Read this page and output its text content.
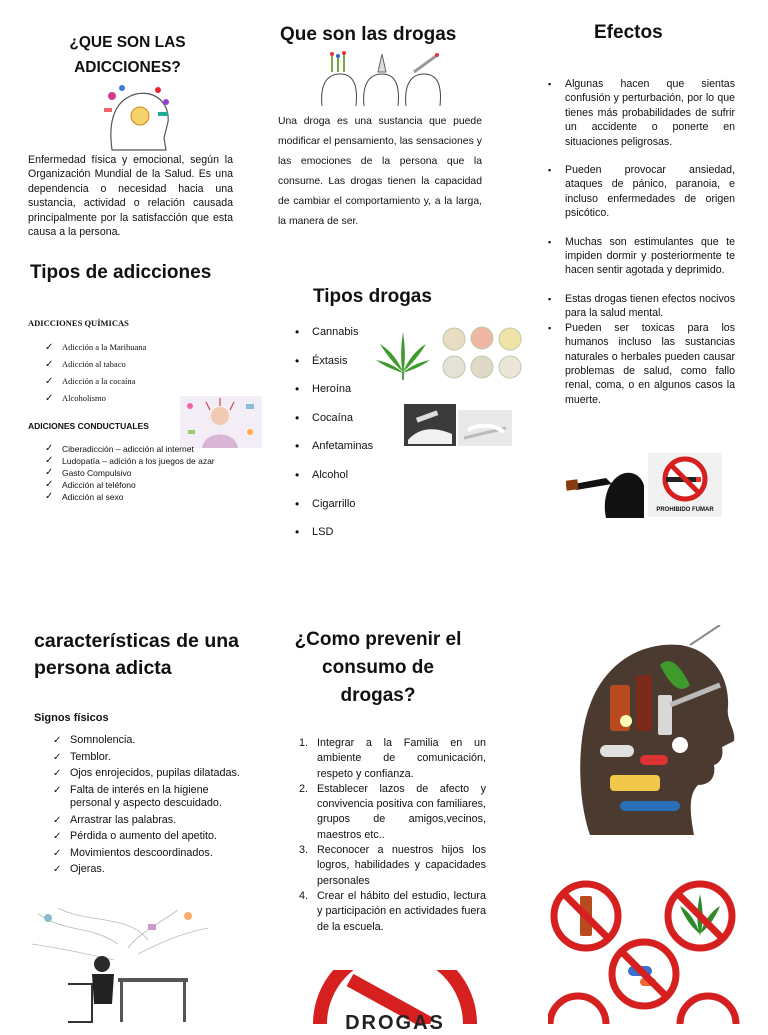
¿QUE SON LAS
ADICCIONES?
Enfermedad física y emocional, según la Organización Mundial de la Salud. Es una dependencia o necesidad hacia una sustancia, actividad o relación causada principalmente por la satisfacción que esta causa a la persona.
Tipos de adicciones
ADICCIONES QUÍMICAS
✓ Adicción a la Marihuana
✓ Adicción al tabaco
✓ Adicción a la cocaína
✓ Alcoholismo
ADICIONES CONDUCTUALES
✓ Ciberadicción – adicción al internet
✓ Ludopatía – adición a los juegos de azar
✓ Gasto Compulsivo
✓ Adicción al teléfono
✓ Adicción al sexo
Que son las drogas
Una droga es una sustancia que puede modificar el pensamiento, las sensaciones y las emociones de la persona que la consume. Las drogas tienen la capacidad de cambiar el comportamiento y, a la larga, la manera de ser.
Tipos drogas
• Cannabis
• Éxtasis
• Heroína
• Cocaína
• Anfetaminas
• Alcohol
• Cigarrillo
• LSD
Efectos
▪ Algunas hacen que sientas confusión y perturbación, por lo que tienes más probabilidades de sufrir un accidente o ponerte en situaciones peligrosas.
▪ Pueden provocar ansiedad, ataques de pánico, paranoia, e incluso enfermedades de origen psicótico.
▪ Muchas son estimulantes que te impiden dormir y posteriormente te hacen sentir agotada y deprimido.
▪ Estas drogas tienen efectos nocivos para la salud mental.
▪ Pueden ser toxicas para los humanos incluso las sustancias naturales o herbales pueden causar problemas de salud, como fallo renal, coma, o en algunos casos la muerte.
PROHIBIDO FUMAR
características de una persona adicta
Signos físicos
✓ Somnolencia.
✓ Temblor.
✓ Ojos enrojecidos, pupilas dilatadas.
✓ Falta de interés en la higiene personal y aspecto descuidado.
✓ Arrastrar las palabras.
✓ Pérdida o aumento del apetito.
✓ Movimientos descoordinados.
✓ Ojeras.
¿Como prevenir el
consumo de
drogas?
1. Integrar a la Familia en un ambiente de comunicación, respeto y confianza.
2. Establecer lazos de afecto y convivencia positiva con familiares, grupos de amigos,vecinos, maestros etc..
3. Reconocer a nuestros hijos los logros, habilidades y capacidades personales
4. Crear el hábito del estudio, lectura y participación en actividades fuera de la escuela.
DROGAS
